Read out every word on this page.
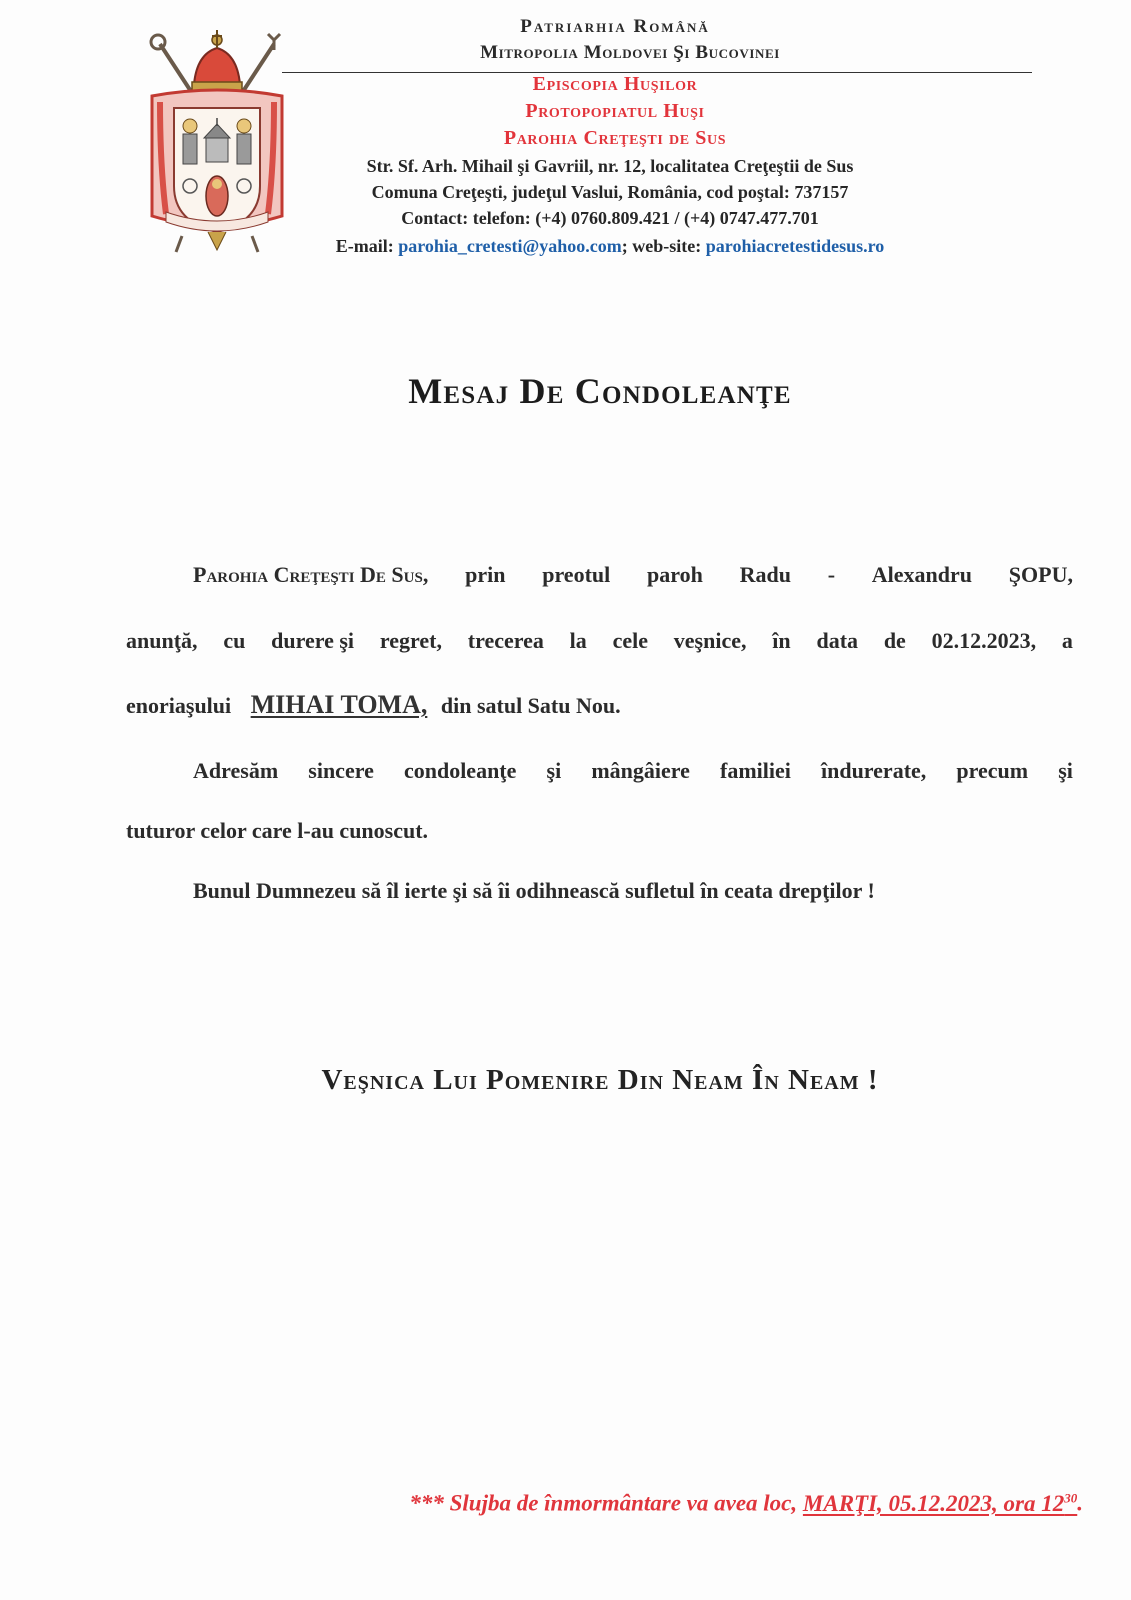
Patriarhia Română
Mitropolia Moldovei Şi Bucovinei
Episcopia Huşilor
Protopopiatul Huşi
Parohia Creţeşti de Sus
Str. Sf. Arh. Mihail şi Gavriil, nr. 12, localitatea Creţeştii de Sus
Comuna Creţeşti, judeţul Vaslui, România, cod poştal: 737157
Contact: telefon: (+4) 0760.809.421 / (+4) 0747.477.701
E-mail: parohia_cretesti@yahoo.com; web-site: parohiacretestidesus.ro
Mesaj De Condoleanţe
Parohia Creţeşti De Sus, prin preotul paroh Radu - Alexandru ŞOPU,
anunţă, cu durere şi regret, trecerea la cele veşnice, în data de 02.12.2023, a
enoriaşului MIHAI TOMA, din satul Satu Nou.
Adresăm sincere condoleanţe şi mângâiere familiei îndurerate, precum şi
tuturor celor care l-au cunoscut.
Bunul Dumnezeu să îl ierte şi să îi odihnească sufletul în ceata drepţilor !
Veşnica Lui Pomenire Din Neam În Neam !
*** Slujba de înmormântare va avea loc, MARŢI, 05.12.2023, ora $12^{30}$.
